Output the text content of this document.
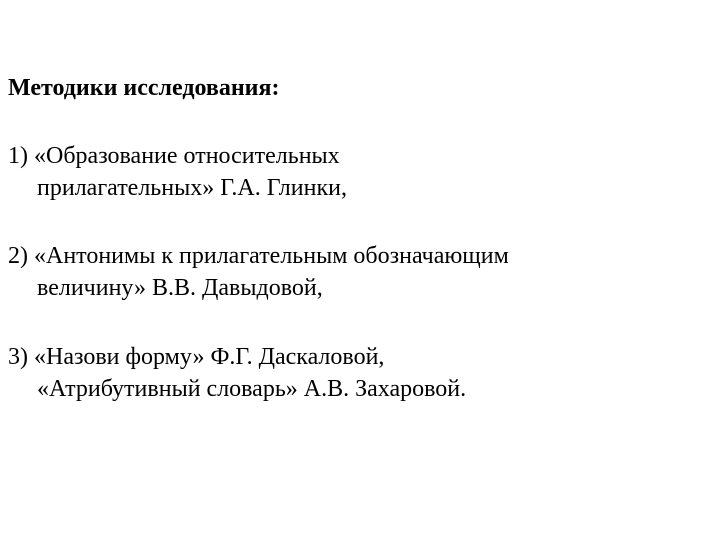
Методики исследования:
1) «Образование относительных
прилагательных» Г.А. Глинки,
2) «Антонимы к прилагательным обозначающим
величину» В.В. Давыдовой,
3) «Назови форму» Ф.Г. Даскаловой,
«Атрибутивный словарь» А.В. Захаровой.
